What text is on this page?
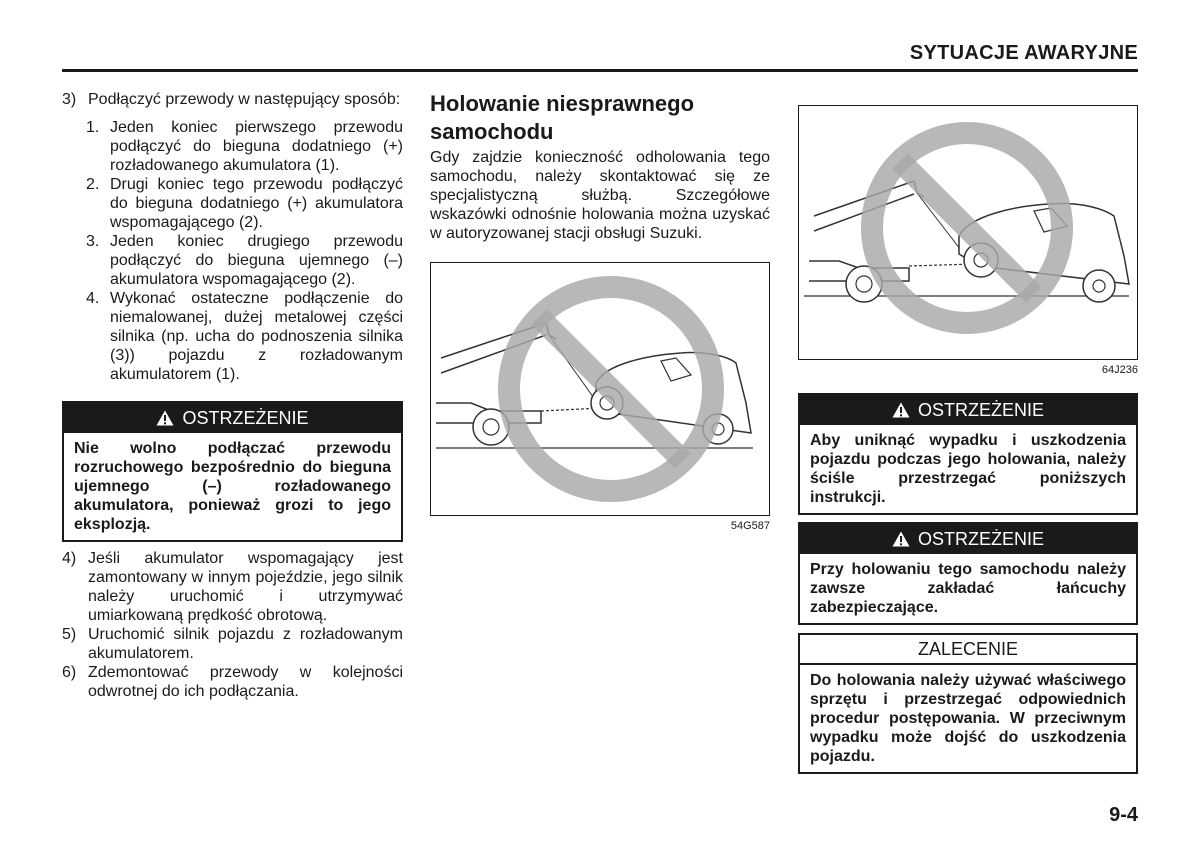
SYTUACJE AWARYJNE
3) Podłączyć przewody w następujący sposób:
1. Jeden koniec pierwszego przewodu podłączyć do bieguna dodatniego (+) rozładowanego akumulatora (1).
2. Drugi koniec tego przewodu podłączyć do bieguna dodatniego (+) akumulatora wspomagającego (2).
3. Jeden koniec drugiego przewodu podłączyć do bieguna ujemnego (–) akumulatora wspomagającego (2).
4. Wykonać ostateczne podłączenie do niemalowanej, dużej metalowej części silnika (np. ucha do podnoszenia silnika (3)) pojazdu z rozładowanym akumulatorem (1).
OSTRZEŻENIE
Nie wolno podłączać przewodu rozruchowego bezpośrednio do bieguna ujemnego (–) rozładowanego akumulatora, ponieważ grozi to jego eksplozją.
4) Jeśli akumulator wspomagający jest zamontowany w innym pojeździe, jego silnik należy uruchomić i utrzymywać umiarkowaną prędkość obrotową.
5) Uruchomić silnik pojazdu z rozładowanym akumulatorem.
6) Zdemontować przewody w kolejności odwrotnej do ich podłączania.
Holowanie niesprawnego
samochodu

Gdy zajdzie konieczność odholowania tego samochodu, należy skontaktować się ze specjalistyczną służbą. Szczegółowe wskazówki odnośnie holowania można uzyskać w autoryzowanej stacji obsługi Suzuki.

54G587
64J236
OSTRZEŻENIE
Aby uniknąć wypadku i uszkodzenia pojazdu podczas jego holowania, należy ściśle przestrzegać poniższych instrukcji.
OSTRZEŻENIE
Przy holowaniu tego samochodu należy zawsze zakładać łańcuchy zabezpieczające.
ZALECENIE
Do holowania należy używać właściwego sprzętu i przestrzegać odpowiednich procedur postępowania. W przeciwnym wypadku może dojść do uszkodzenia pojazdu.
9-4
